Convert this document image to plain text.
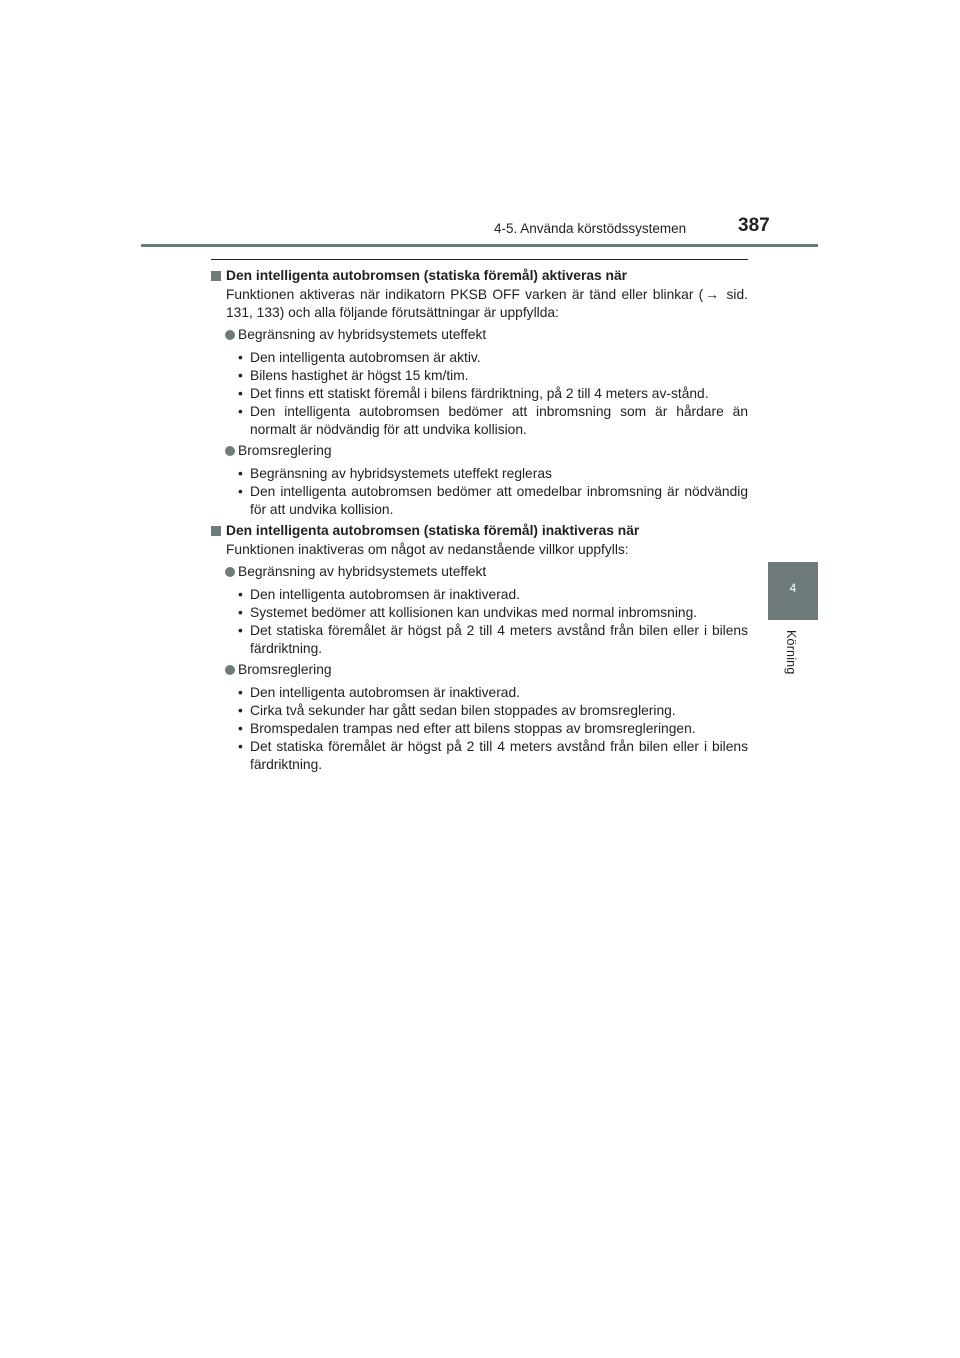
4-5. Använda körstödssystemen	387
4
Körning
Den intelligenta autobromsen (statiska föremål) aktiveras när
Funktionen aktiveras när indikatorn PKSB OFF varken är tänd eller blinkar ( → sid. 131, 133) och alla följande förutsättningar är uppfyllda:
Begränsning av hybridsystemets uteffekt
• Den intelligenta autobromsen är aktiv.
• Bilens hastighet är högst 15 km/tim.
• Det finns ett statiskt föremål i bilens färdriktning, på 2 till 4 meters av-stånd.
• Den intelligenta autobromsen bedömer att inbromsning som är hårdare än normalt är nödvändig för att undvika kollision.
Bromsreglering
• Begränsning av hybridsystemets uteffekt regleras
• Den intelligenta autobromsen bedömer att omedelbar inbromsning är nödvändig för att undvika kollision.
Den intelligenta autobromsen (statiska föremål) inaktiveras när
Funktionen inaktiveras om något av nedanstående villkor uppfylls:
Begränsning av hybridsystemets uteffekt
• Den intelligenta autobromsen är inaktiverad.
• Systemet bedömer att kollisionen kan undvikas med normal inbromsning.
• Det statiska föremålet är högst på 2 till 4 meters avstånd från bilen eller i bilens färdriktning.
Bromsreglering
• Den intelligenta autobromsen är inaktiverad.
• Cirka två sekunder har gått sedan bilen stoppades av bromsreglering.
• Bromspedalen trampas ned efter att bilens stoppas av bromsregleringen.
• Det statiska föremålet är högst på 2 till 4 meters avstånd från bilen eller i bilens färdriktning.
